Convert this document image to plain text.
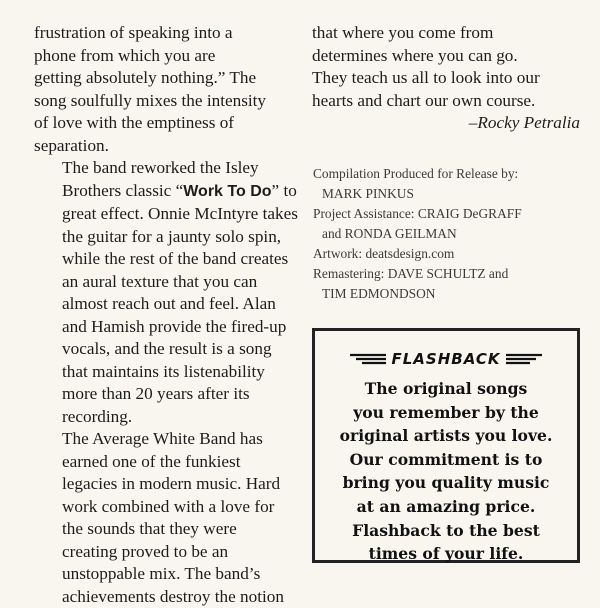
frustration of speaking into a
phone from which you are
getting absolutely nothing.” The
song soulfully mixes the intensity
of love with the emptiness of
separation.

The band reworked the Isley
Brothers classic “Work To Do” to
great effect. Onnie McIntyre takes
the guitar for a jaunty solo spin,
while the rest of the band creates
an aural texture that you can
almost reach out and feel. Alan
and Hamish provide the fired-up
vocals, and the result is a song
that maintains its listenability
more than 20 years after its
recording.

The Average White Band has
earned one of the funkiest
legacies in modern music. Hard
work combined with a love for
the sounds that they were
creating proved to be an
unstoppable mix. The band’s
achievements destroy the notion

that where you come from
determines where you can go.
They teach us all to look into our
hearts and chart our own course.
–Rocky Petralia
Compilation Produced for Release by:
MARK PINKUS
Project Assistance: CRAIG DeGRAFF
and RONDA GEILMAN
Artwork: deatsdesign.com
Remastering: DAVE SCHULTZ and
TIM EDMONDSON
FLASHBACK
The original songs
you remember by the
original artists you love.
Our commitment is to
bring you quality music
at an amazing price.
Flashback to the best
times of your life.
